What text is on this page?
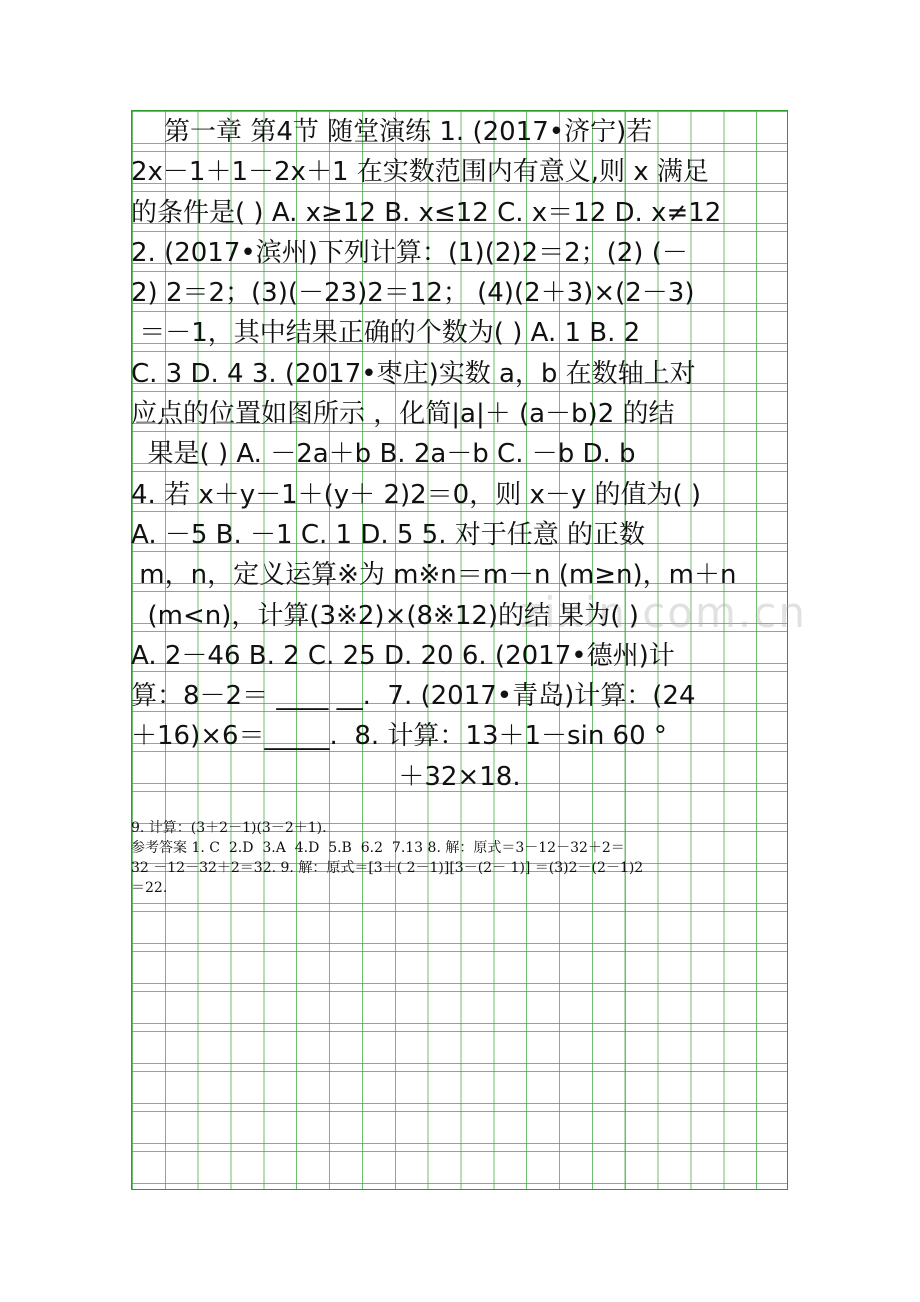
zixin.com.cn
第一章 第4节 随堂演练 1. (2017•济宁)若
2x－1＋1－2x＋1 在实数范围内有意义,则 x 满足
的条件是( ) A. x≥12 B. x≤12 C. x＝12 D. x≠12
2. (2017•滨州)下列计算：(1)(2)2＝2；(2) (－
2) 2＝2；(3)(－23)2＝12； (4)(2＋3)×(2－3)
＝－1，其中结果正确的个数为( ) A. 1 B. 2
C. 3 D. 4 3. (2017•枣庄)实数 a，b 在数轴上对
应点的位置如图所示 ，化简|a|＋ (a－b)2 的结
果是( ) A. －2a＋b B. 2a－b C. －b D. b
4. 若 x＋y－1＋(y＋ 2)2＝0，则 x－y 的值为( )
A. －5 B. －1 C. 1 D. 5 5. 对于任意 的正数
m，n，定义运算※为 m※n＝m－n (m≥n)，m＋n
(m<n)，计算(3※2)×(8※12)的结 果为( )
A. 2－46 B. 2 C. 25 D. 20 6. (2017•德州)计
算：8－2＝ ____ __.  7. (2017•青岛)计算：(24
＋16)×6＝_____.  8. 计算：13＋1－sin 60 °
＋32×18.
9. 计算：(3＋2－1)(3－2＋1).
参考答案 1. C  2.D  3.A  4.D  5.B  6.2  7.13 8. 解：原式＝3－12－32＋2＝
32 －12－32＋2＝32. 9. 解：原式＝[3＋( 2－1)][3－(2－ 1)] ＝(3)2－(2－1)2
＝22.
